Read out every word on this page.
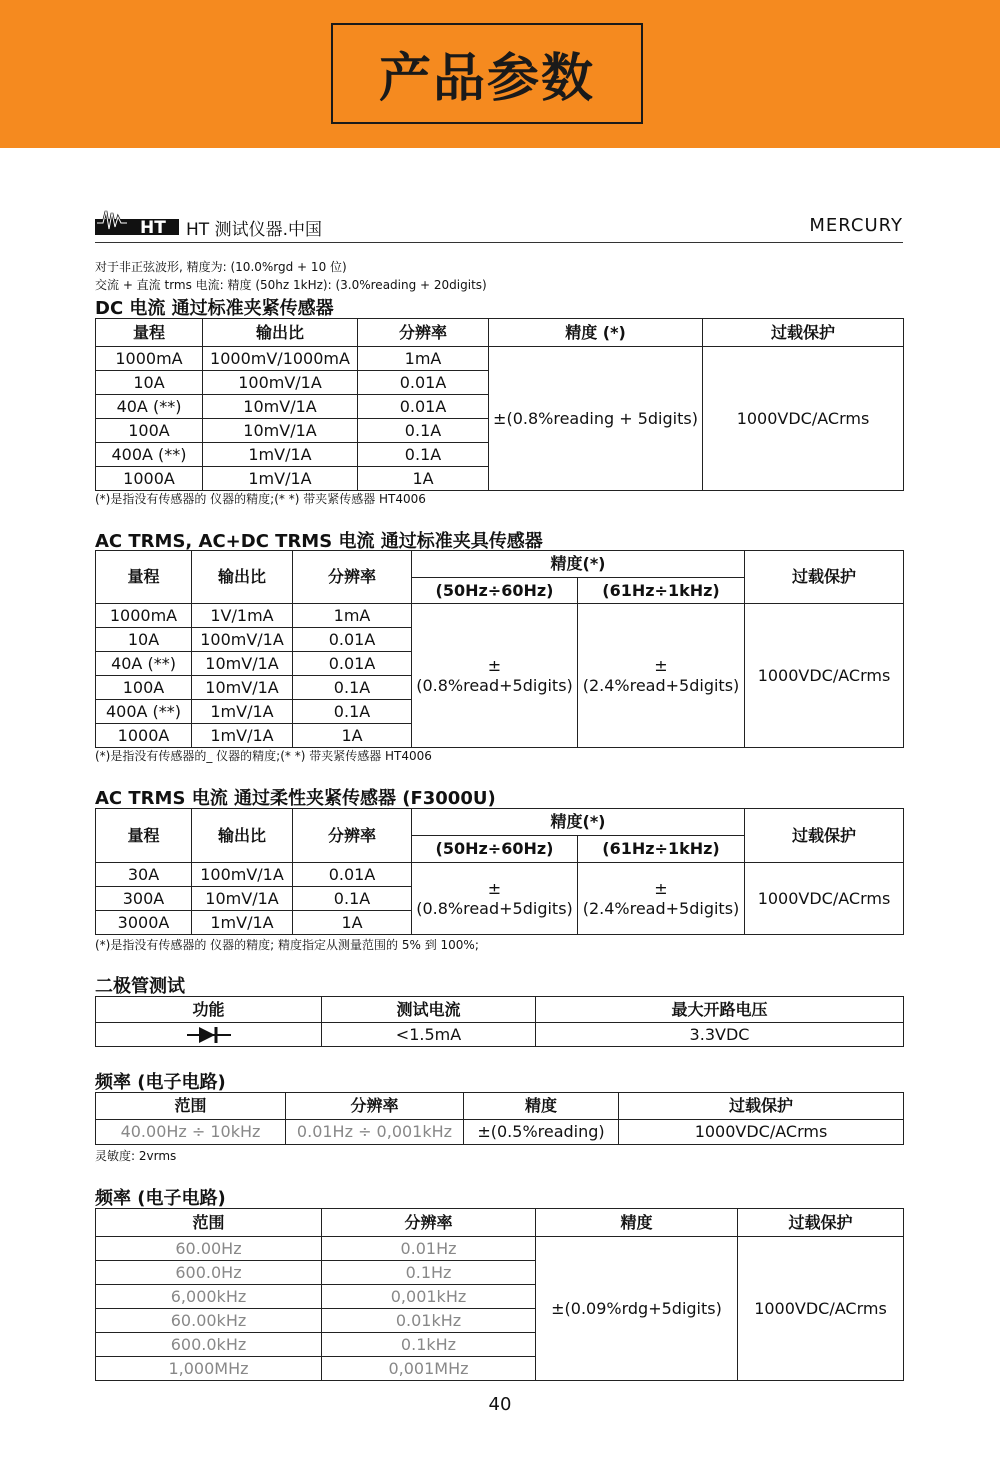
产品参数
HT HT 测试仪器.中国	MERCURY
对于非正弦波形, 精度为: (10.0%rgd + 10 位)
交流 + 直流 trms 电流: 精度 (50hz 1kHz): (3.0%reading + 20digits)
DC 电流 通过标准夹紧传感器
量程	输出比	分辨率	精度 (*)	过载保护
1000mA	1000mV/1000mA	1mA	±(0.8%reading + 5digits)	1000VDC/ACrms
10A	100mV/1A	0.01A		
40A (**)	10mV/1A	0.01A		
100A	10mV/1A	0.1A		
400A (**)	1mV/1A	0.1A		
1000A	1mV/1A	1A		
(*)是指没有传感器的 仪器的精度;(* *) 带夹紧传感器 HT4006
AC TRMS, AC+DC TRMS 电流 通过标准夹具传感器
量程	输出比	分辨率	精度(*)		过载保护
			(50Hz÷60Hz)	(61Hz÷1kHz)	
1000mA	1V/1mA	1mA	±(0.8%read+5digits)	±(2.4%read+5digits)	1000VDC/ACrms
10A	100mV/1A	0.01A			
40A (**)	10mV/1A	0.01A			
100A	10mV/1A	0.1A			
400A (**)	1mV/1A	0.1A			
1000A	1mV/1A	1A			
(*)是指没有传感器的_ 仪器的精度;(* *) 带夹紧传感器 HT4006
AC TRMS 电流 通过柔性夹紧传感器 (F3000U)
量程	输出比	分辨率	精度(*)		过载保护
			(50Hz÷60Hz)	(61Hz÷1kHz)	
30A	100mV/1A	0.01A	±(0.8%read+5digits)	±(2.4%read+5digits)	1000VDC/ACrms
300A	10mV/1A	0.1A			
3000A	1mV/1A	1A			
(*)是指没有传感器的 仪器的精度; 精度指定从测量范围的 5% 到 100%;
二极管测试
功能	测试电流	最大开路电压
	<1.5mA	3.3VDC
频率 (电子电路)
范围	分辨率	精度	过载保护
40.00Hz ÷ 10kHz	0.01Hz ÷ 0,001kHz	±(0.5%reading)	1000VDC/ACrms
灵敏度: 2vrms
频率 (电子电路)
范围	分辨率	精度	过载保护
60.00Hz	0.01Hz	±(0.09%rdg+5digits)	1000VDC/ACrms
600.0Hz	0.1Hz		
6,000kHz	0,001kHz		
60.00kHz	0.01kHz		
600.0kHz	0.1kHz		
1,000MHz	0,001MHz		
40
